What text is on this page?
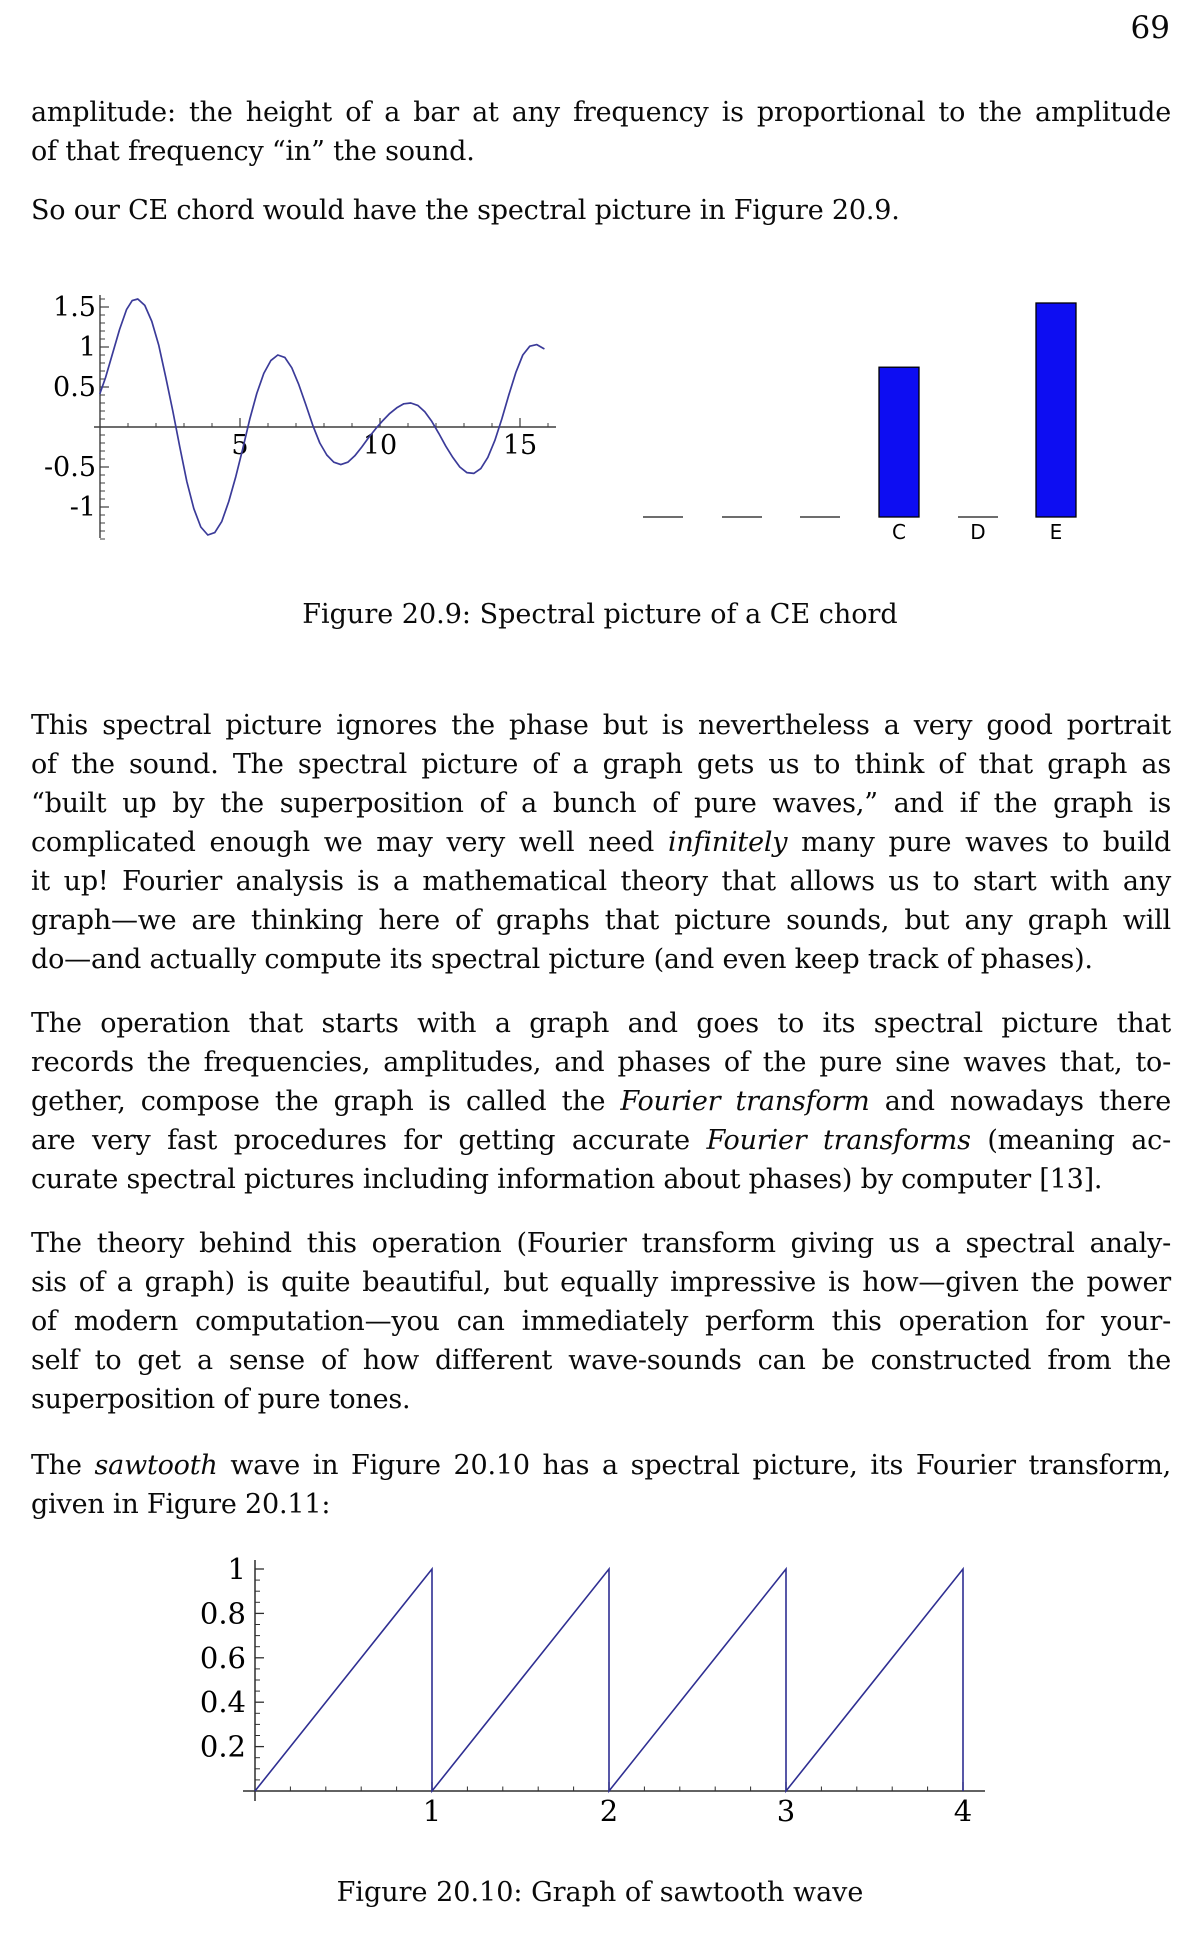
69
amplitude: the height of a bar at any frequency is proportional to the amplitude
of that frequency “in” the sound.
So our CE chord would have the spectral picture in Figure 20.9.
5	10	15
-1
-0.5
0.5
1
1.5
C	D	E
Figure 20.9: Spectral picture of a CE chord
This spectral picture ignores the phase but is nevertheless a very good portrait
of the sound. The spectral picture of a graph gets us to think of that graph as
“built up by the superposition of a bunch of pure waves,” and if the graph is
complicated enough we may very well need infinitely many pure waves to build
it up! Fourier analysis is a mathematical theory that allows us to start with any
graph—we are thinking here of graphs that picture sounds, but any graph will
do—and actually compute its spectral picture (and even keep track of phases).
The operation that starts with a graph and goes to its spectral picture that
records the frequencies, amplitudes, and phases of the pure sine waves that, to-
gether, compose the graph is called the Fourier transform and nowadays there
are very fast procedures for getting accurate Fourier transforms (meaning ac-
curate spectral pictures including information about phases) by computer [13].
The theory behind this operation (Fourier transform giving us a spectral analy-
sis of a graph) is quite beautiful, but equally impressive is how—given the power
of modern computation—you can immediately perform this operation for your-
self to get a sense of how different wave-sounds can be constructed from the
superposition of pure tones.
The sawtooth wave in Figure 20.10 has a spectral picture, its Fourier transform,
given in Figure 20.11:
1	2	3	4
0.2
0.4
0.6
0.8
1
Figure 20.10: Graph of sawtooth wave
